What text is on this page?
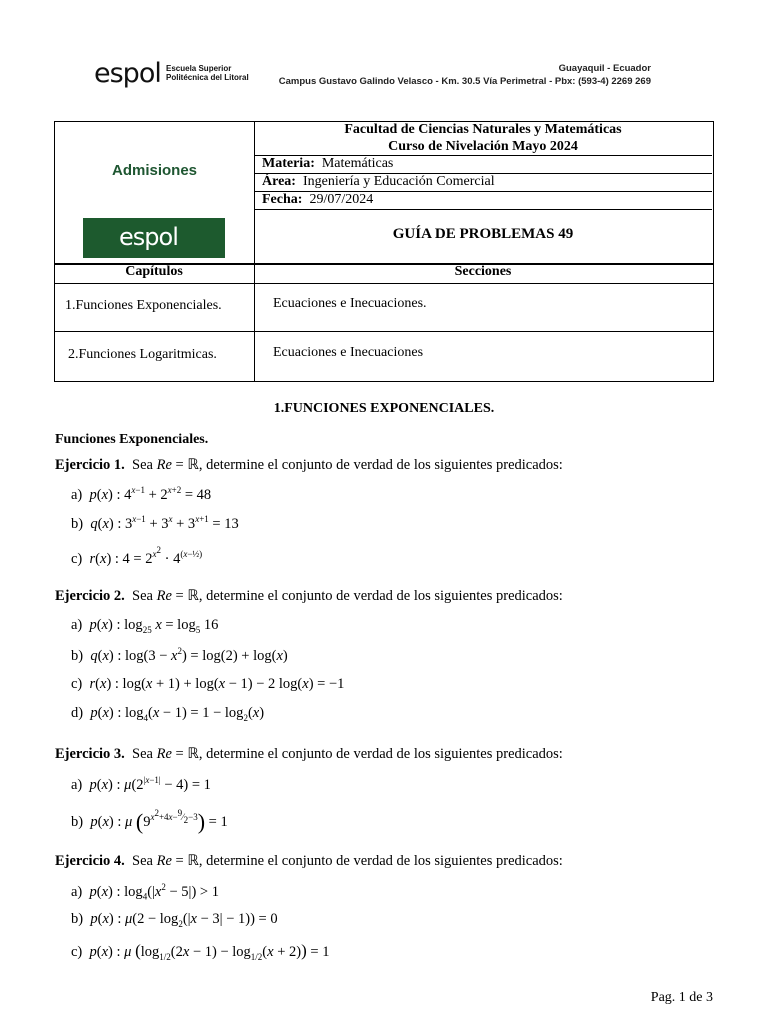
espol Escuela Superior
Politécnica del Litoral
Guayaquil - Ecuador
Campus Gustavo Galindo Velasco - Km. 30.5 Vía Perimetral - Pbx: (593-4) 2269 269
Admisiones
espol
Facultad de Ciencias Naturales y Matemáticas
Curso de Nivelación Mayo 2024
Materia: Matemáticas
Área: Ingeniería y Educación Comercial
Fecha: 29/07/2024
GUÍA DE PROBLEMAS 49
Capítulos	Secciones
1.Funciones Exponenciales.	Ecuaciones e Inecuaciones.
2.Funciones Logaritmicas.	Ecuaciones e Inecuaciones
1.FUNCIONES EXPONENCIALES.
Funciones Exponenciales.
Ejercicio 1.  Sea Re = ℝ, determine el conjunto de verdad de los siguientes predicados:
a)  p(x) : $4^{x-1} + 2^{x+2} = 48$
b)  q(x) : $3^{x-1} + 3^x + 3^{x+1} = 13$
c)  r(x) : $4 = 2^{x^2} \cdot 4^{(x-\frac{1}{2})}$
Ejercicio 2.  Sea Re = ℝ, determine el conjunto de verdad de los siguientes predicados:
a)  p(x) : $\log_{25} x = \log_5 16$
b)  q(x) : $\log(3 - x^2) = \log(2) + \log(x)$
c)  r(x) : log(x + 1) + log(x − 1) − 2 log(x) = −1
d)  p(x) : $\log_4(x - 1) = 1 - \log_2(x)$
Ejercicio 3.  Sea Re = ℝ, determine el conjunto de verdad de los siguientes predicados:
a)  p(x) : $\mu(2^{|x-1|} - 4) = 1$
b)  p(x) : μ $(9^{x^2+4x-^9⁄_2-3}) = 1$
Ejercicio 4.  Sea Re = ℝ, determine el conjunto de verdad de los siguientes predicados:
a)  p(x) : $\log_4(|x^2 - 5|) > 1$
b)  p(x) : $\mu(2 - \log_2(|x - 3| - 1)) = 0$
c)  p(x) : μ $(\log_{1/2}(2x - 1) - \log_{1/2}(x + 2)) = 1$
Pag. 1 de 3
